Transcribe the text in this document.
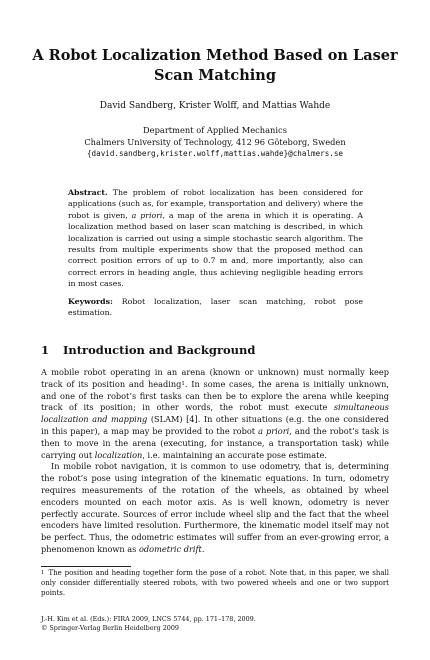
A Robot Localization Method Based on Laser
Scan Matching
David Sandberg, Krister Wolff, and Mattias Wahde
Department of Applied Mechanics
Chalmers University of Technology, 412 96 Göteborg, Sweden
{david.sandberg,krister.wolff,mattias.wahde}@chalmers.se
Abstract. The problem of robot localization has been considered for applications (such as, for example, transportation and delivery) where the robot is given, a priori, a map of the arena in which it is operating. A localization method based on laser scan matching is described, in which localization is carried out using a simple stochastic search algorithm. The results from multiple experiments show that the proposed method can correct position errors of up to 0.7 m and, more importantly, also can correct errors in heading angle, thus achieving negligible heading errors in most cases.
Keywords: Robot localization, laser scan matching, robot pose estimation.
1 Introduction and Background

A mobile robot operating in an arena (known or unknown) must normally keep track of its position and heading$^1$. In some cases, the arena is initially unknown, and one of the robot’s first tasks can then be to explore the arena while keeping track of its position; in other words, the robot must execute simultaneous localization and mapping (SLAM) [4]. In other situations (e.g. the one considered in this paper), a map may be provided to the robot a priori, and the robot’s task is then to move in the arena (executing, for instance, a transportation task) while carrying out localization, i.e. maintaining an accurate pose estimate.

In mobile robot navigation, it is common to use odometry, that is, determining the robot’s pose using integration of the kinematic equations. In turn, odometry requires measurements of the rotation of the wheels, as obtained by wheel encoders mounted on each motor axis. As is well known, odometry is never perfectly accurate. Sources of error include wheel slip and the fact that the wheel encoders have limited resolution. Furthermore, the kinematic model itself may not be perfect. Thus, the odometric estimates will suffer from an ever-growing error, a phenomenon known as odometric drift.

$^1$ The position and heading together form the pose of a robot. Note that, in this paper, we shall only consider differentially steered robots, with two powered wheels and one or two support points.
J.-H. Kim et al. (Eds.): FIRA 2009, LNCS 5744, pp. 171–178, 2009.
© Springer-Verlag Berlin Heidelberg 2009
